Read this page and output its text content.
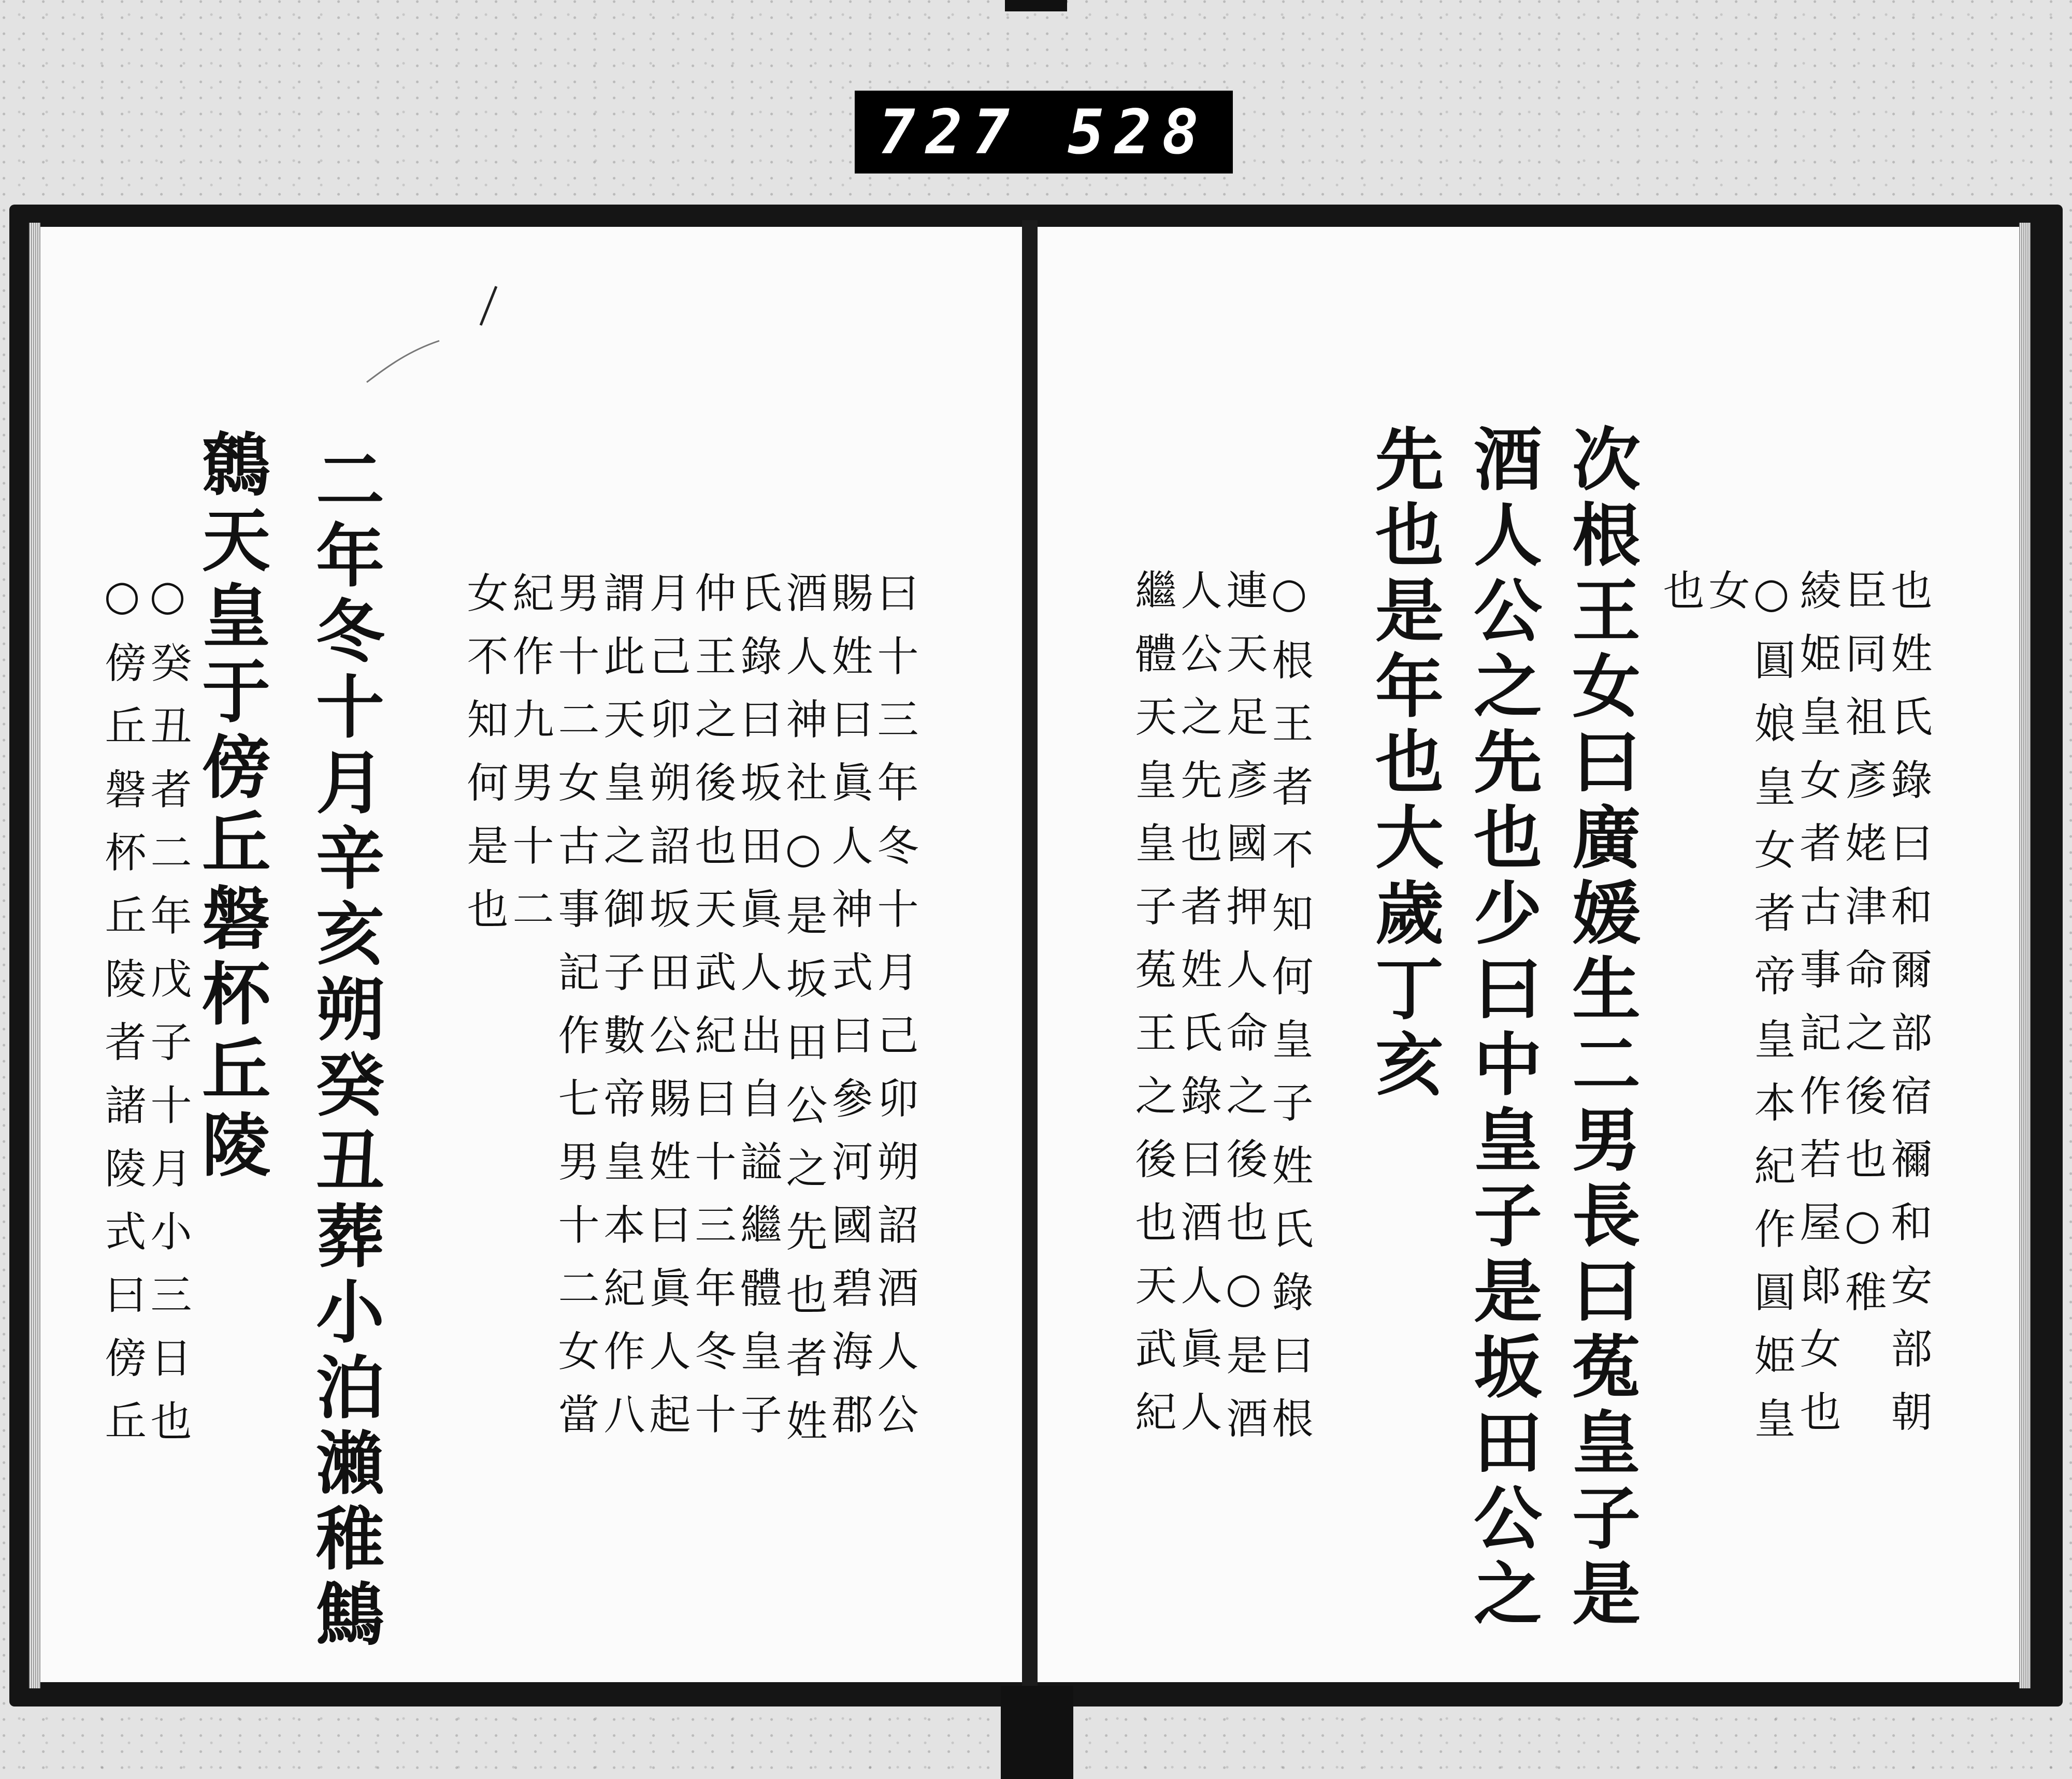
727 528
曰十三年冬十月己卯朔詔酒人公
賜姓曰眞人神式曰參河國碧海郡
酒人神社○是坂田公之先也者姓
氏錄曰坂田眞人出自謚繼體皇子
仲王之後也天武紀曰十三年冬十
月己卯朔詔坂田公賜姓曰眞人起
謂此天皇之御子數帝皇本紀作八
男十二女古事記作七男十二女當
紀作九男十二
女不知何是也
二年冬十月辛亥朔癸丑葬小泊瀨稚鷦
鷯天皇于傍丘磐杯丘陵
○癸丑者二年戊子十月小三日也
○傍丘磐杯丘陵者諸陵式曰傍丘	也姓氏錄曰和爾部宿禰和安部朝
臣同祖彥姥津命之後也○稚
綾姫皇女者古事記作若屋郞女也
○圓娘皇女者帝皇本紀作圓姫皇
女
也
次根王女曰廣媛生二男長曰菟皇子是
酒人公之先也少曰中皇子是坂田公之
先也是年也大歲丁亥
○根王者不知何皇子姓氏錄曰根
連天足彥國押人命之後也○是酒
人公之先也者姓氏錄曰酒人眞人
繼體天皇皇子菟王之後也天武紀
